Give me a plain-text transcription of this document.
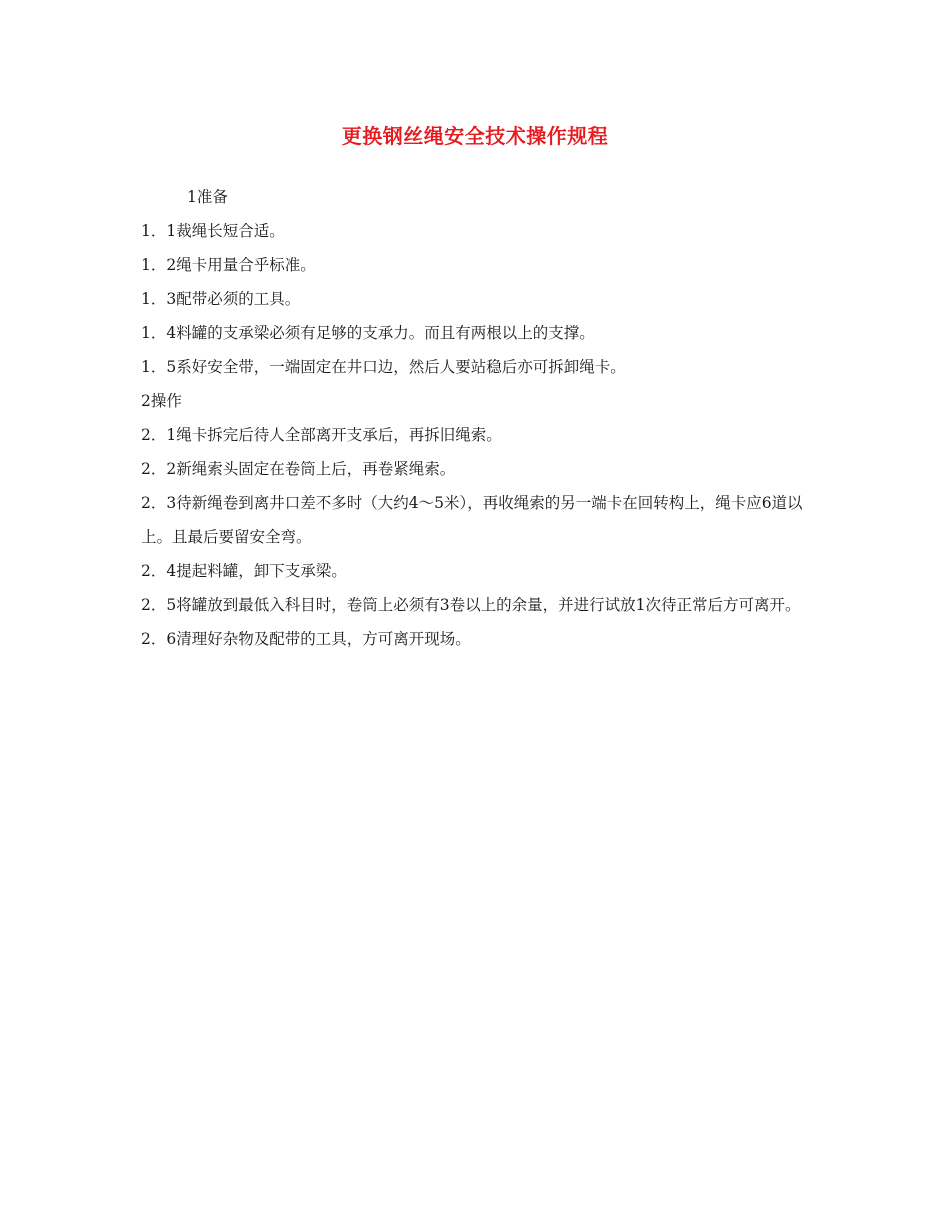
更换钢丝绳安全技术操作规程

1准备

1．1裁绳长短合适。

1．2绳卡用量合乎标准。

1．3配带必须的工具。

1．4料罐的支承梁必须有足够的支承力。而且有两根以上的支撑。

1．5系好安全带，一端固定在井口边，然后人要站稳后亦可拆卸绳卡。

2操作

2．1绳卡拆完后待人全部离开支承后，再拆旧绳索。

2．2新绳索头固定在卷筒上后，再卷紧绳索。

2．3待新绳卷到离井口差不多时（大约4～5米），再收绳索的另一端卡在回转构上，绳卡应6道以上。且最后要留安全弯。

2．4提起料罐，卸下支承梁。

2．5将罐放到最低入科目时，卷筒上必须有3卷以上的余量，并进行试放1次待正常后方可离开。

2．6清理好杂物及配带的工具，方可离开现场。
